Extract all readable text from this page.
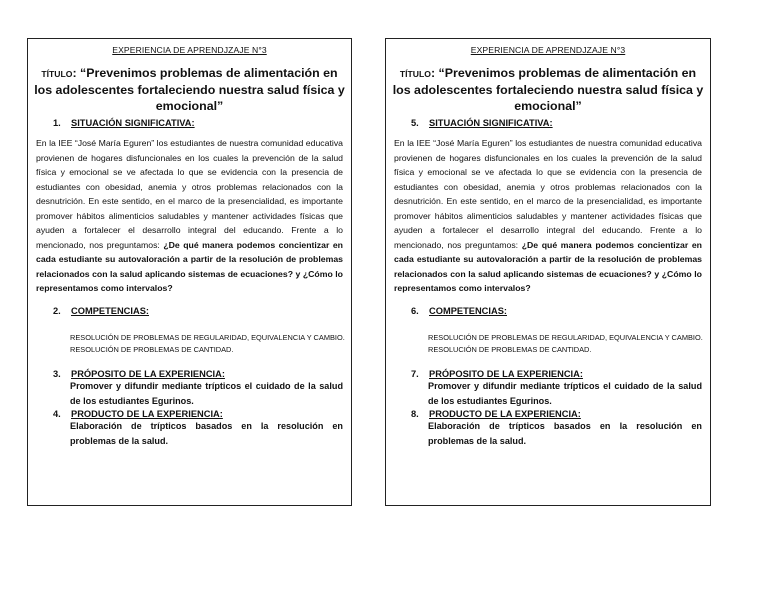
EXPERIENCIA DE APRENDJZAJE N°3
TÍTULO: “Prevenimos problemas de alimentación en los adolescentes fortaleciendo nuestra salud física y emocional”
1.	SITUACIÓN SIGNIFICATIVA:
En la IEE “José María Eguren” los estudiantes de nuestra comunidad educativa provienen de hogares disfuncionales en los cuales la prevención de la salud física y emocional se ve afectada lo que se evidencia con la presencia de estudiantes con obesidad, anemia y otros problemas relacionados con la desnutrición. En este sentido, en el marco de la presencialidad, es importante promover hábitos alimenticios saludables y mantener actividades físicas que ayuden a fortalecer el desarrollo integral del educando. Frente a lo mencionado, nos preguntamos: ¿De qué manera podemos concientizar en cada estudiante su autovaloración a partir de la resolución de problemas relacionados con la salud aplicando sistemas de ecuaciones? y ¿Cómo lo representamos como intervalos?
2.	COMPETENCIAS:
RESOLUCIÓN DE PROBLEMAS DE REGULARIDAD, EQUIVALENCIA Y CAMBIO.
RESOLUCIÓN DE PROBLEMAS DE CANTIDAD.
3.	PRÓPOSITO DE LA EXPERIENCIA:
Promover y difundir mediante trípticos el cuidado de la salud de los estudiantes Egurinos.
4.	PRODUCTO DE LA EXPERIENCIA:
Elaboración de trípticos basados en la resolución en problemas de la salud.
EXPERIENCIA DE APRENDJZAJE N°3
TÍTULO: “Prevenimos problemas de alimentación en los adolescentes fortaleciendo nuestra salud física y emocional”
5.	SITUACIÓN SIGNIFICATIVA:
En la IEE “José María Eguren” los estudiantes de nuestra comunidad educativa provienen de hogares disfuncionales en los cuales la prevención de la salud física y emocional se ve afectada lo que se evidencia con la presencia de estudiantes con obesidad, anemia y otros problemas relacionados con la desnutrición. En este sentido, en el marco de la presencialidad, es importante promover hábitos alimenticios saludables y mantener actividades físicas que ayuden a fortalecer el desarrollo integral del educando. Frente a lo mencionado, nos preguntamos: ¿De qué manera podemos concientizar en cada estudiante su autovaloración a partir de la resolución de problemas relacionados con la salud aplicando sistemas de ecuaciones? y ¿Cómo lo representamos como intervalos?
6.	COMPETENCIAS:
RESOLUCIÓN DE PROBLEMAS DE REGULARIDAD, EQUIVALENCIA Y CAMBIO.
RESOLUCIÓN DE PROBLEMAS DE CANTIDAD.
7.	PRÓPOSITO DE LA EXPERIENCIA:
Promover y difundir mediante trípticos el cuidado de la salud de los estudiantes Egurinos.
8.	PRODUCTO DE LA EXPERIENCIA:
Elaboración de trípticos basados en la resolución en problemas de la salud.
